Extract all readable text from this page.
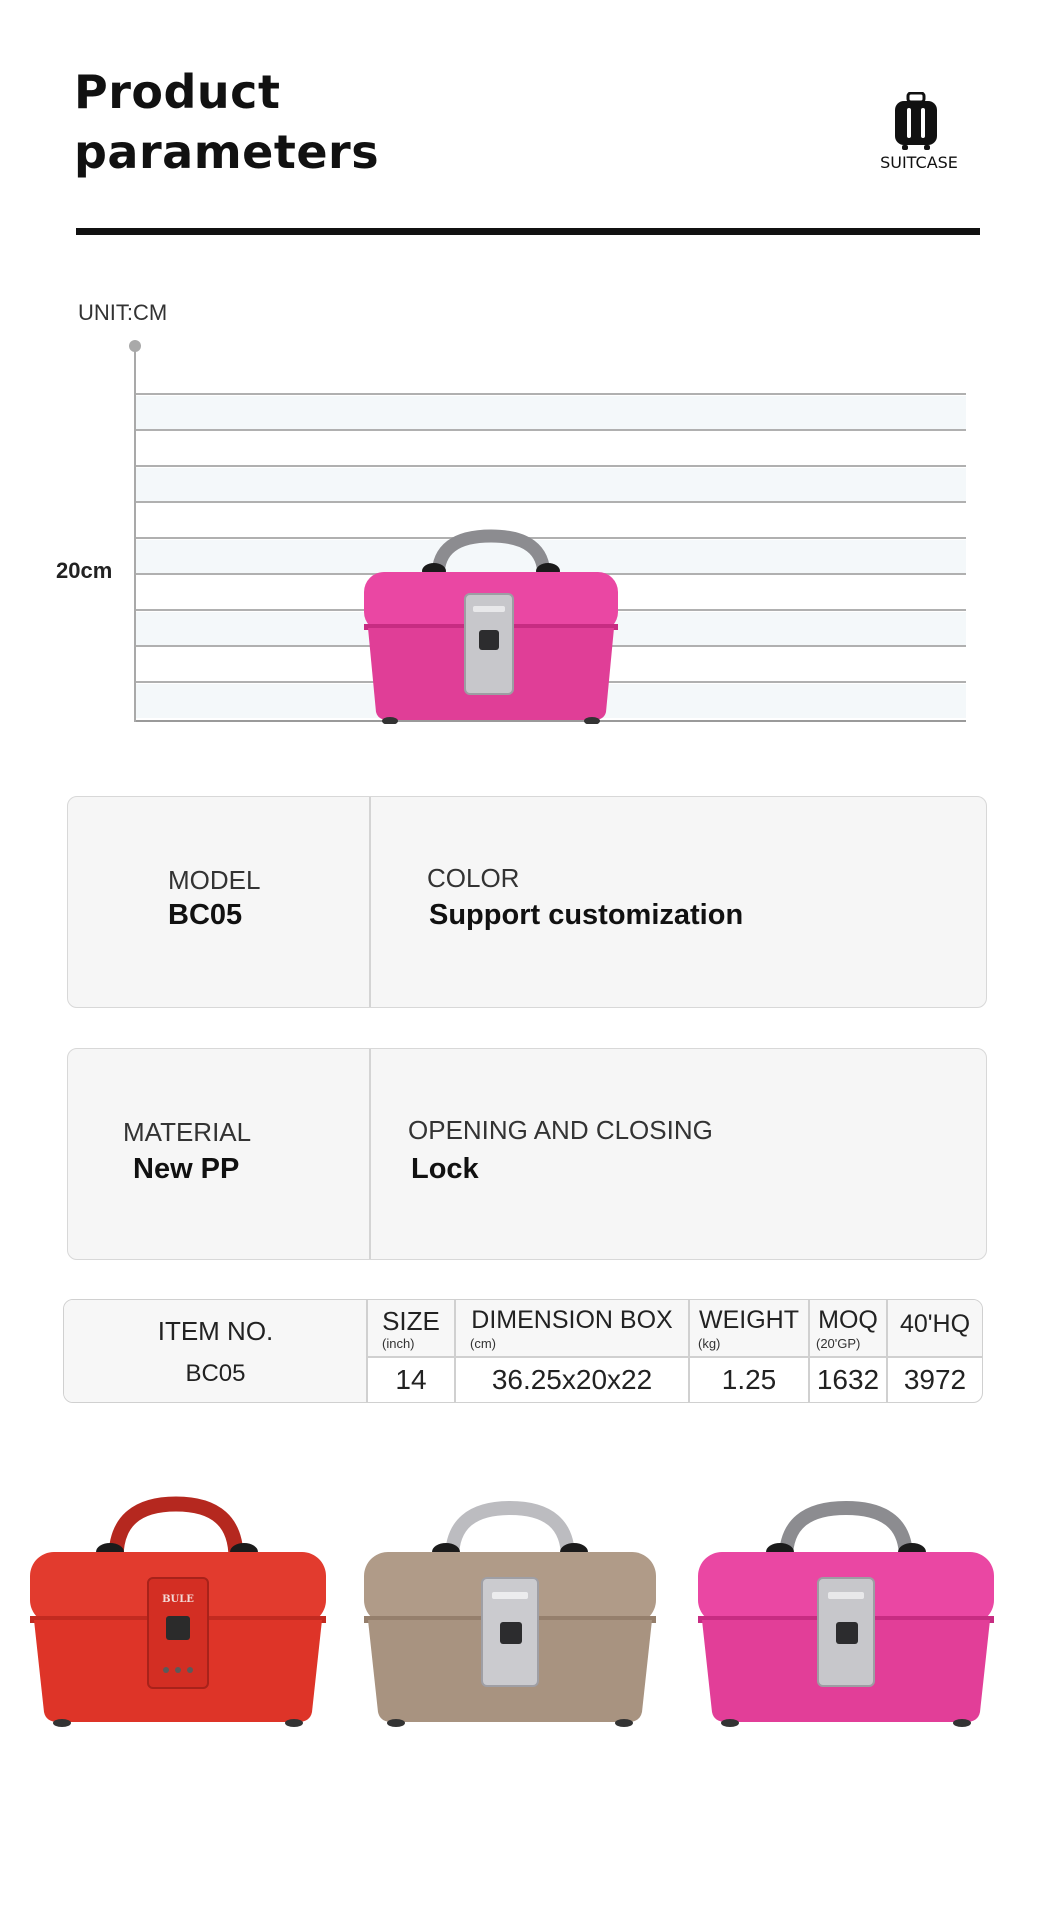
Product
parameters	SUITCASE
UNIT:CM
20cm
MODEL
BC05
COLOR
Support customization
MATERIAL
New PP
OPENING AND CLOSING
Lock
ITEM NO.
BC05
SIZE
(inch)
14
DIMENSION BOX
(cm)
36.25x20x22
WEIGHT
(kg)
1.25
MOQ
(20'GP)
1632
40'HQ
3972
BULE
